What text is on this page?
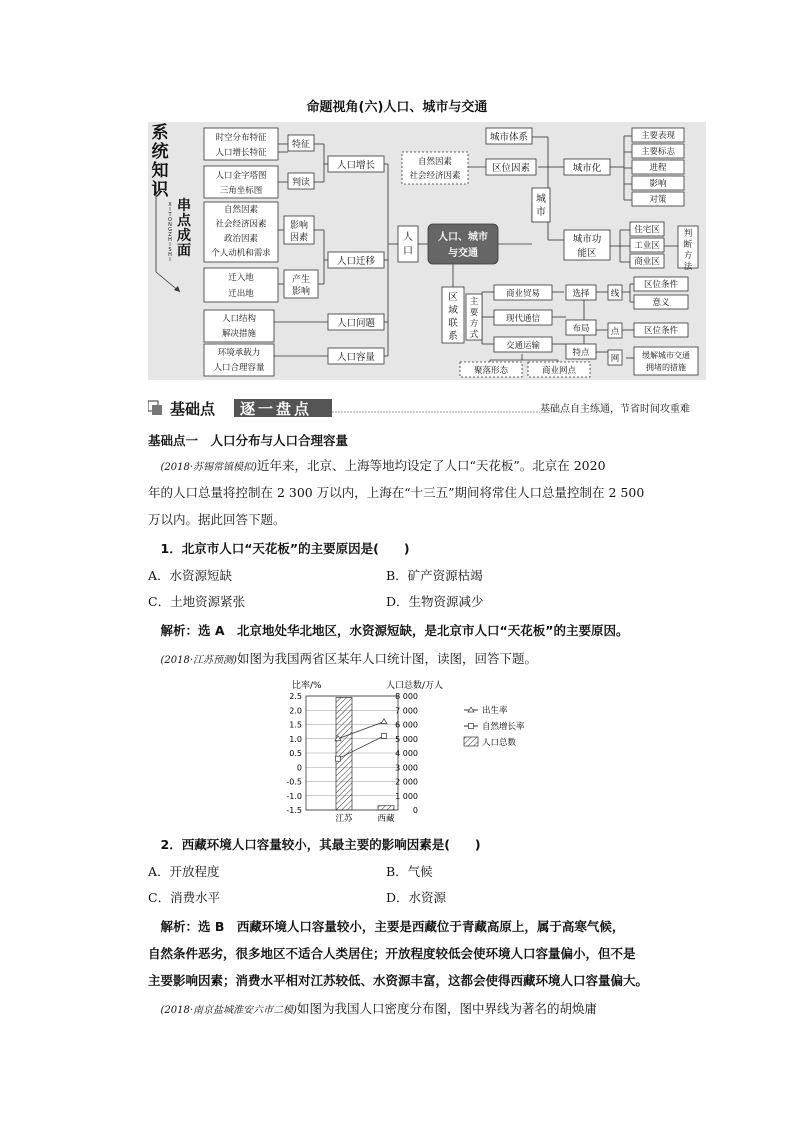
命题视角(六)人口、城市与交通
系
统
知
识
串
点
成
面
X
I
T
O
N
G
Z
H
I
S
H
I
时空分布特征
人口增长特征
人口金字塔图
三角坐标图
自然因素
社会经济因素
政治因素
个人动机和需求
迁入地
迁出地
人口结构
解决措施
环境承载力
人口合理容量
特征
判读
影响
因素
产生
影响
人口增长
人口迁移
人口问题
人口容量
人
口
人口、城市
与交通
城
市
城市体系
区位因素
自然因素
社会经济因素
城市化
主要表现
主要标志
进程
影响
对策
城市功
能区
住宅区
工业区
商业区
判
断
方
法
区
域
联
系
主
要
方
式
商业贸易
现代通信
交通运输
聚落形态	商业网点
选择
布局
特点
线
点
网
区位条件
意义
区位条件
缓解城市交通
拥堵的措施
基础点 逐一盘点	基础点自主练通，节省时间攻重难
基础点一　人口分布与人口合理容量
　(2018·苏锡常镇模拟)近年来，北京、上海等地均设定了人口“天花板”。北京在 2020
年的人口总量将控制在 2 300 万以内，上海在“十三五”期间将常住人口总量控制在 2 500
万以内。据此回答下题。
　1．北京市人口“天花板”的主要原因是(　　)
A．水资源短缺	B．矿产资源枯竭
C．土地资源紧张	D．生物资源减少
　解析：选 A　北京地处华北地区，水资源短缺，是北京市人口“天花板”的主要原因。
　(2018·江苏预测)如图为我国两省区某年人口统计图，读图，回答下题。
2.5	8 000
2.0	7 000
1.5	6 000
1.0	5 000
0.5	4 000
0	3 000
-0.5	2 000
-1.0	1 000
-1.5	0
比率/%	人口总数/万人
江苏	西藏
出生率
自然增长率
人口总数
　2．西藏环境人口容量较小，其最主要的影响因素是(　　)
A．开放程度	B．气候
C．消费水平	D．水资源
　解析：选 B　西藏环境人口容量较小，主要是西藏位于青藏高原上，属于高寒气候，
自然条件恶劣，很多地区不适合人类居住；开放程度较低会使环境人口容量偏小，但不是
主要影响因素；消费水平相对江苏较低、水资源丰富，这都会使得西藏环境人口容量偏大。
　(2018·南京盐城淮安六市二模)如图为我国人口密度分布图，图中界线为著名的胡焕庸
